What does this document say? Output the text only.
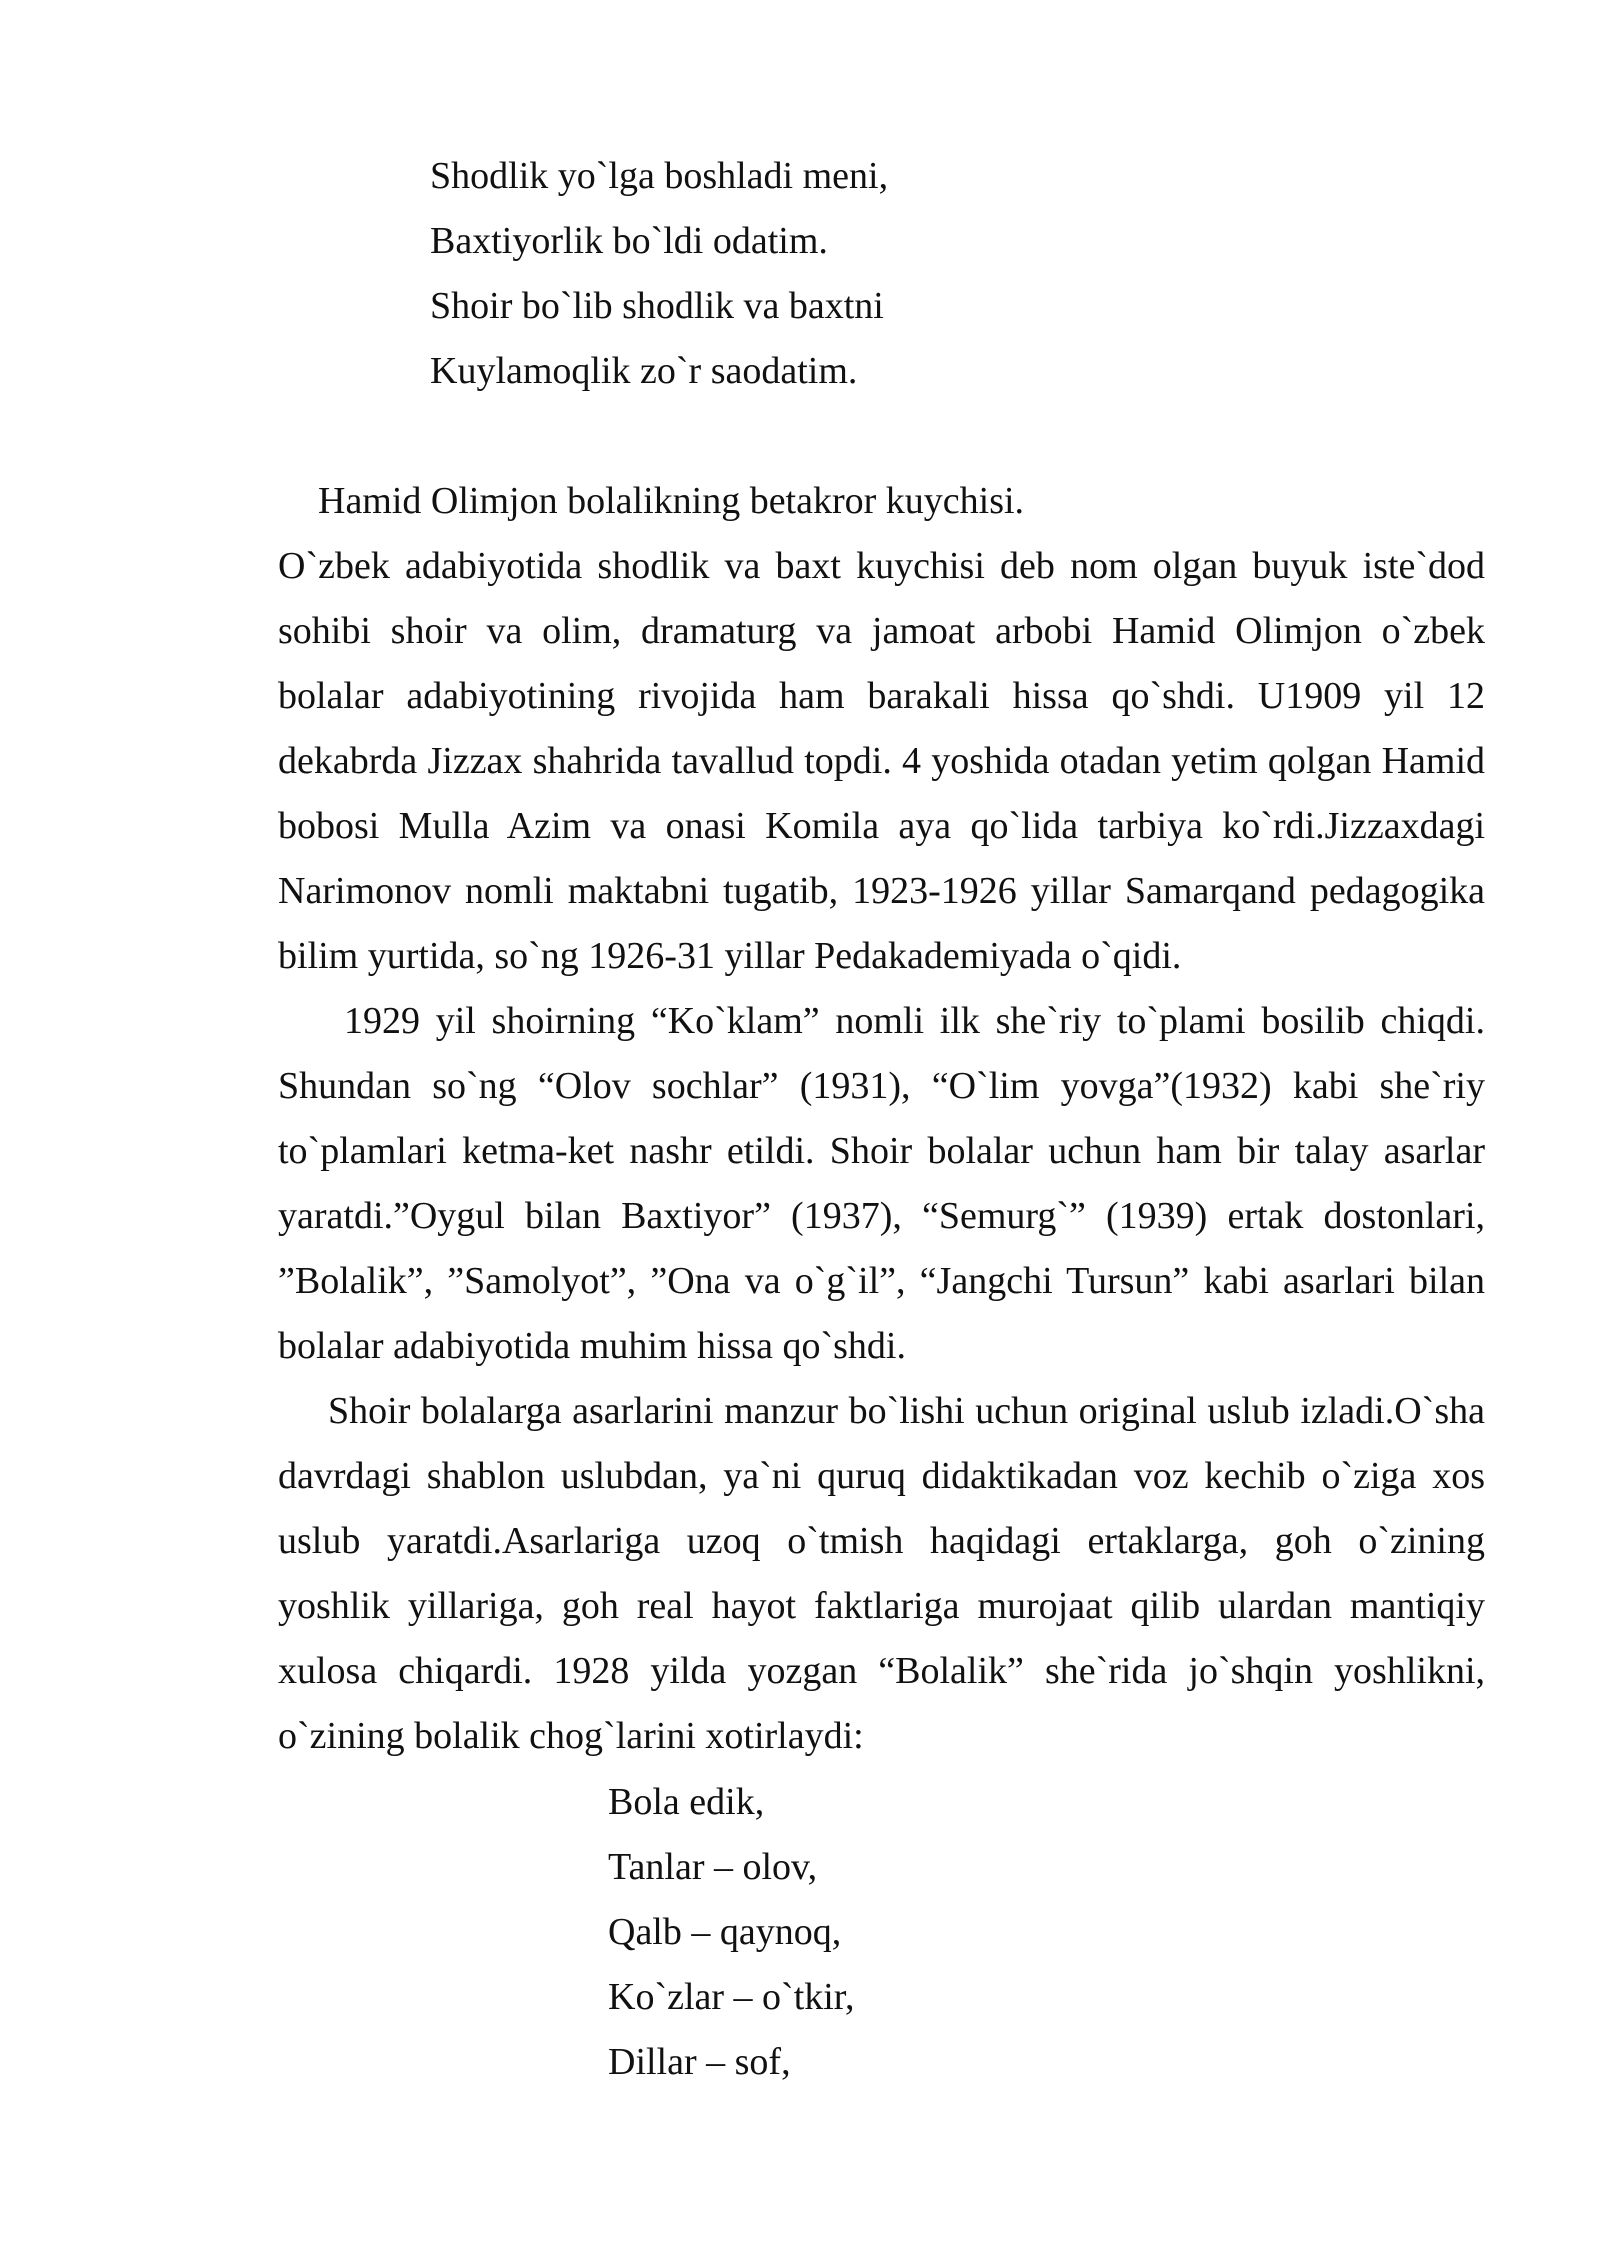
Shodlik yo`lga boshladi meni,
Baxtiyorlik bo`ldi odatim.
Shoir bo`lib shodlik va baxtni
Kuylamoqlik zo`r saodatim.
Hamid Olimjon bolalikning betakror kuychisi.

O`zbek adabiyotida shodlik va baxt kuychisi deb nom olgan buyuk iste`dod sohibi shoir va olim, dramaturg va jamoat arbobi Hamid Olimjon o`zbek bolalar adabiyotining rivojida ham barakali hissa qo`shdi. U1909 yil 12 dekabrda Jizzax shahrida tavallud topdi. 4 yoshida otadan yetim qolgan Hamid bobosi Mulla Azim va onasi Komila aya qo`lida tarbiya ko`rdi.Jizzaxdagi Narimonov nomli maktabni tugatib, 1923-1926 yillar Samarqand pedagogika bilim yurtida, so`ng 1926-31 yillar Pedakademiyada o`qidi.

1929 yil shoirning “Ko`klam” nomli ilk she`riy to`plami bosilib chiqdi. Shundan so`ng “Olov sochlar” (1931), “O`lim yovga”(1932) kabi she`riy to`plamlari ketma-ket nashr etildi. Shoir bolalar uchun ham bir talay asarlar yaratdi.”Oygul bilan Baxtiyor” (1937), “Semurg`” (1939) ertak dostonlari, ”Bolalik”, ”Samolyot”, ”Ona va o`g`il”, “Jangchi Tursun” kabi asarlari bilan bolalar adabiyotida muhim hissa qo`shdi.

Shoir bolalarga asarlarini manzur bo`lishi uchun original uslub izladi.O`sha davrdagi shablon uslubdan, ya`ni quruq didaktikadan voz kechib o`ziga xos uslub yaratdi.Asarlariga uzoq o`tmish haqidagi ertaklarga, goh o`zining yoshlik yillariga, goh real hayot faktlariga murojaat qilib ulardan mantiqiy xulosa chiqardi. 1928 yilda yozgan “Bolalik” she`rida jo`shqin yoshlikni, o`zining bolalik chog`larini xotirlaydi:

Bola edik,
Tanlar – olov,
Qalb – qaynoq,
Ko`zlar – o`tkir,
Dillar – sof,
